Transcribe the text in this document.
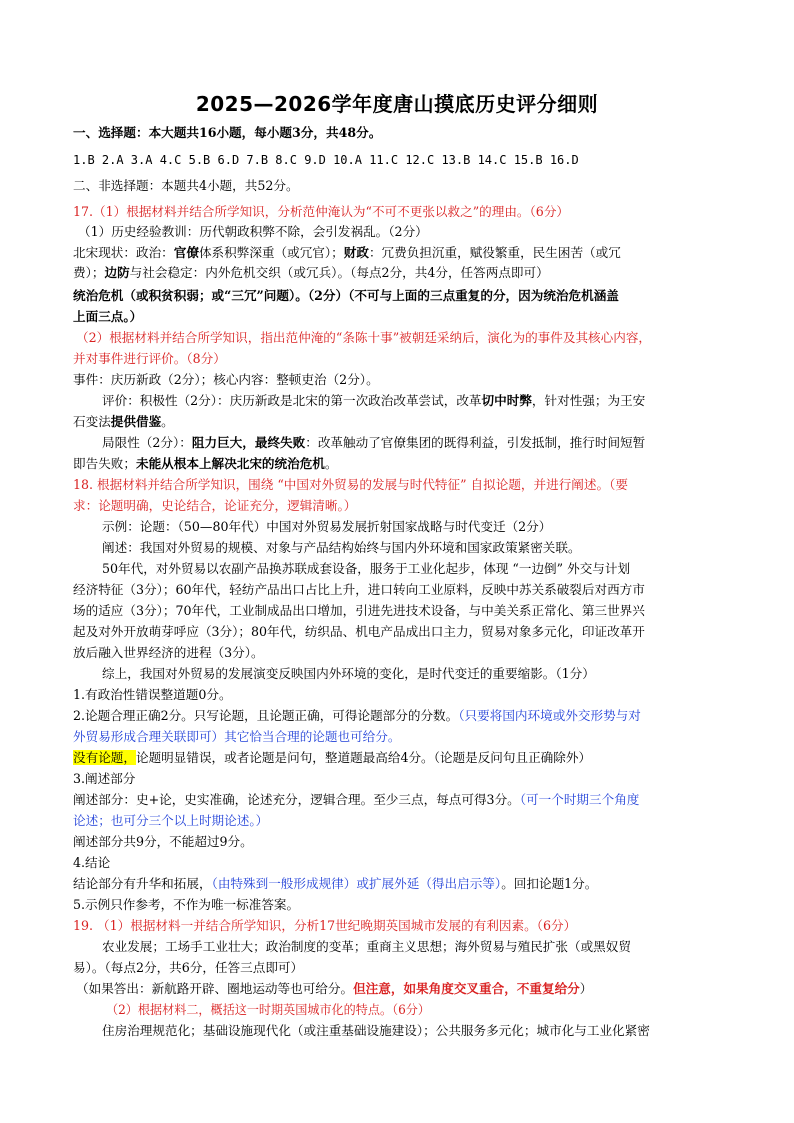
2025—2026学年度唐山摸底历史评分细则
一、选择题：本大题共16小题，每小题3分，共48分。
1.B 2.A 3.A 4.C 5.B 6.D 7.B 8.C 9.D 10.A 11.C 12.C 13.B 14.C 15.B 16.D
二、非选择题：本题共4小题，共52分。
17.（1）根据材料并结合所学知识，分析范仲淹认为“不可不更张以救之”的理由。（6分）
（1）历史经验教训：历代朝政积弊不除，会引发祸乱。（2分）
北宋现状：政治：官僚体系积弊深重（或冗官）；财政：冗费负担沉重，赋役繁重，民生困苦（或冗
费）；边防与社会稳定：内外危机交织（或冗兵）。（每点2分，共4分，任答两点即可）
统治危机（或积贫积弱；或“三冗”问题）。（2分）（不可与上面的三点重复的分，因为统治危机涵盖
上面三点。）
（2）根据材料并结合所学知识，指出范仲淹的“条陈十事”被朝廷采纳后，演化为的事件及其核心内容，
并对事件进行评价。（8分）
事件：庆历新政（2分）；核心内容：整顿吏治（2分）。
评价：积极性（2分）：庆历新政是北宋的第一次政治改革尝试，改革切中时弊，针对性强；为王安
石变法提供借鉴。
局限性（2分）：阻力巨大，最终失败：改革触动了官僚集团的既得利益，引发抵制，推行时间短暂
即告失败；未能从根本上解决北宋的统治危机。
18. 根据材料并结合所学知识，围绕 “中国对外贸易的发展与时代特征” 自拟论题，并进行阐述。（要
求：论题明确，史论结合，论证充分，逻辑清晰。）
示例：论题：（50—80年代）中国对外贸易发展折射国家战略与时代变迁（2分）
阐述：我国对外贸易的规模、对象与产品结构始终与国内外环境和国家政策紧密关联。
50年代，对外贸易以农副产品换苏联成套设备，服务于工业化起步，体现 “一边倒” 外交与计划
经济特征（3分）；60年代，轻纺产品出口占比上升，进口转向工业原料，反映中苏关系破裂后对西方市
场的适应（3分）；70年代，工业制成品出口增加，引进先进技术设备，与中美关系正常化、第三世界兴
起及对外开放萌芽呼应（3分）；80年代，纺织品、机电产品成出口主力，贸易对象多元化，印证改革开
放后融入世界经济的进程（3分）。
综上，我国对外贸易的发展演变反映国内外环境的变化，是时代变迁的重要缩影。（1分）
1.有政治性错误整道题0分。
2.论题合理正确2分。只写论题，且论题正确，可得论题部分的分数。（只要将国内环境或外交形势与对
外贸易形成合理关联即可）其它恰当合理的论题也可给分。
没有论题，论题明显错误，或者论题是问句，整道题最高给4分。（论题是反问句且正确除外）
3.阐述部分
阐述部分：史+论，史实准确，论述充分，逻辑合理。至少三点，每点可得3分。（可一个时期三个角度
论述；也可分三个以上时期论述。）
阐述部分共9分，不能超过9分。
4.结论
结论部分有升华和拓展，（由特殊到一般形成规律）或扩展外延（得出启示等）。回扣论题1分。
5.示例只作参考，不作为唯一标准答案。
19. （1）根据材料一并结合所学知识，分析17世纪晚期英国城市发展的有利因素。（6分）
农业发展；工场手工业壮大；政治制度的变革；重商主义思想；海外贸易与殖民扩张（或黑奴贸
易）。（每点2分，共6分，任答三点即可）
（如果答出：新航路开辟、圈地运动等也可给分。但注意，如果角度交叉重合，不重复给分）
（2）根据材料二，概括这一时期英国城市化的特点。（6分）
住房治理规范化；基础设施现代化（或注重基础设施建设）；公共服务多元化；城市化与工业化紧密
